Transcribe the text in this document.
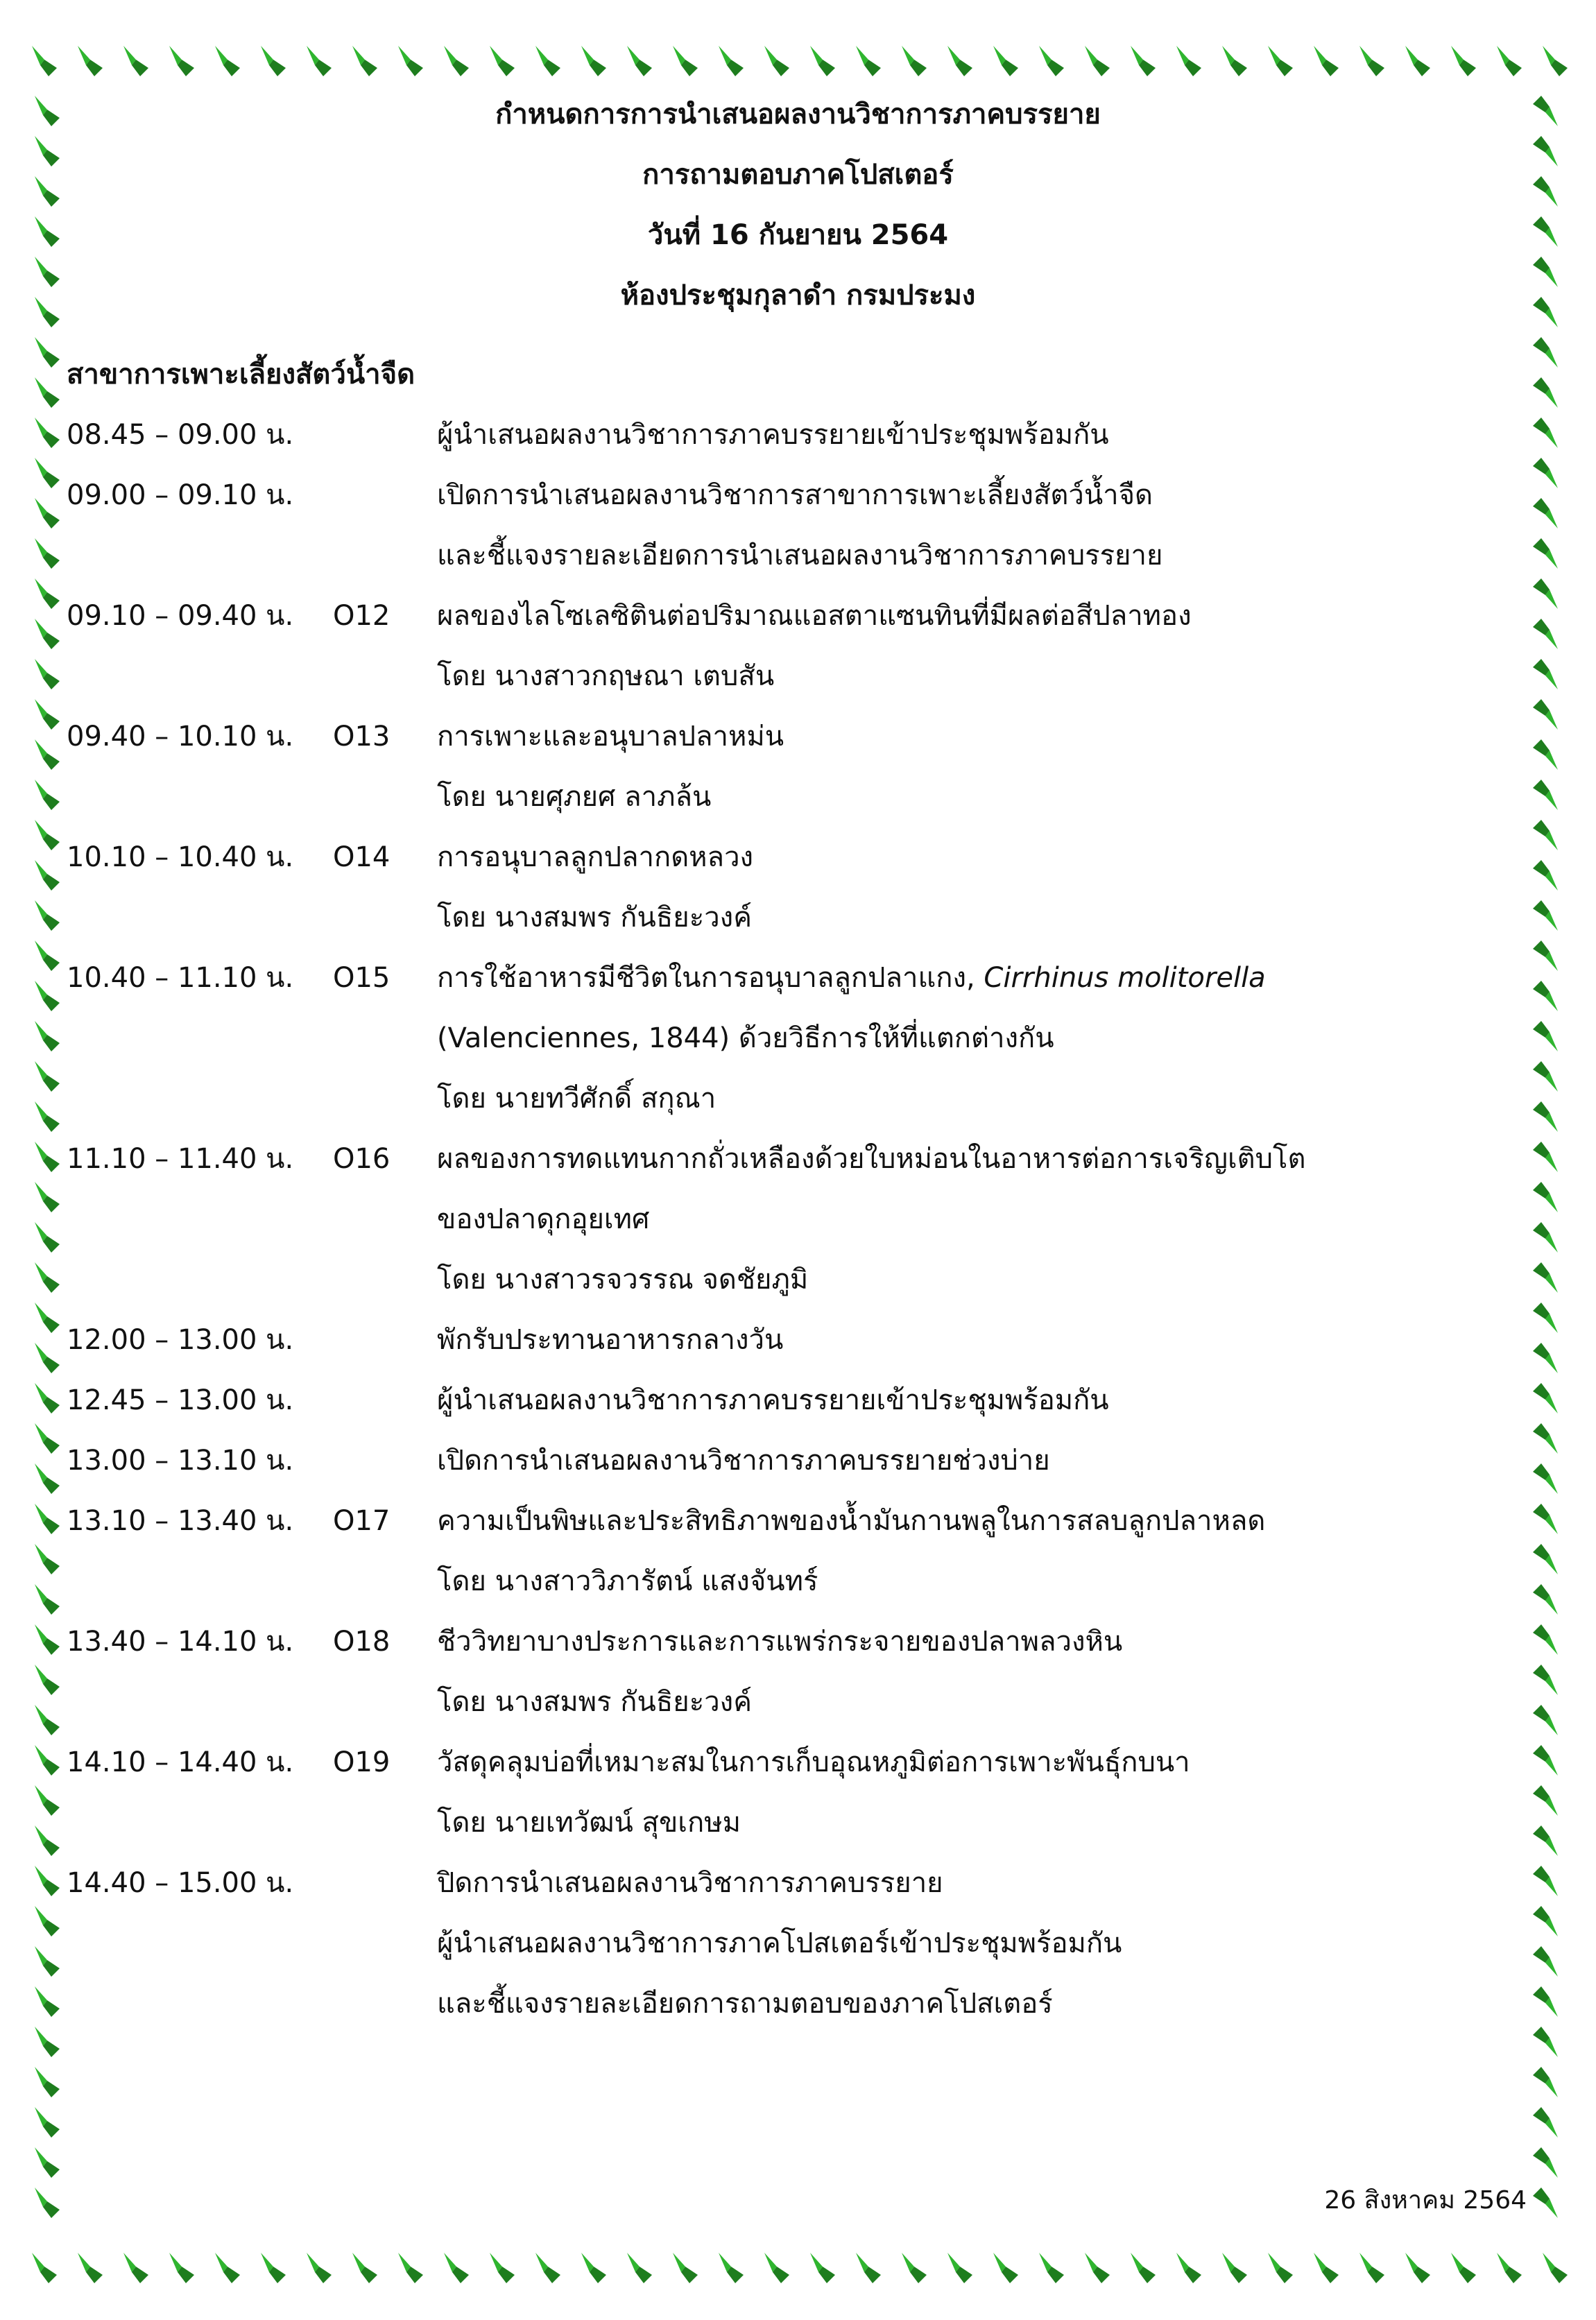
กำหนดการการนำเสนอผลงานวิชาการภาคบรรยาย
การถามตอบภาคโปสเตอร์
วันที่ 16 กันยายน 2564
ห้องประชุมกุลาดำ กรมประมง
สาขาการเพาะเลี้ยงสัตว์น้ำจืด
08.45 – 09.00 น.	ผู้นำเสนอผลงานวิชาการภาคบรรยายเข้าประชุมพร้อมกัน
09.00 – 09.10 น.	เปิดการนำเสนอผลงานวิชาการสาขาการเพาะเลี้ยงสัตว์น้ำจืด
และชี้แจงรายละเอียดการนำเสนอผลงานวิชาการภาคบรรยาย
09.10 – 09.40 น. O12 ผลของไลโซเลซิตินต่อปริมาณแอสตาแซนทินที่มีผลต่อสีปลาทอง
โดย นางสาวกฤษณา เตบสัน
09.40 – 10.10 น. O13 การเพาะและอนุบาลปลาหม่น
โดย นายศุภยศ ลาภล้น
10.10 – 10.40 น. O14 การอนุบาลลูกปลากดหลวง
โดย นางสมพร กันธิยะวงค์
10.40 – 11.10 น. O15 การใช้อาหารมีชีวิตในการอนุบาลลูกปลาแกง, Cirrhinus molitorella
(Valenciennes, 1844) ด้วยวิธีการให้ที่แตกต่างกัน
โดย นายทวีศักดิ์ สกุณา
11.10 – 11.40 น. O16 ผลของการทดแทนกากถั่วเหลืองด้วยใบหม่อนในอาหารต่อการเจริญเติบโต
ของปลาดุกอุยเทศ
โดย นางสาวรจวรรณ จดชัยภูมิ
12.00 – 13.00 น.	พักรับประทานอาหารกลางวัน
12.45 – 13.00 น.	ผู้นำเสนอผลงานวิชาการภาคบรรยายเข้าประชุมพร้อมกัน
13.00 – 13.10 น.	เปิดการนำเสนอผลงานวิชาการภาคบรรยายช่วงบ่าย
13.10 – 13.40 น. O17 ความเป็นพิษและประสิทธิภาพของน้ำมันกานพลูในการสลบลูกปลาหลด
โดย นางสาววิภารัตน์ แสงจันทร์
13.40 – 14.10 น. O18 ชีววิทยาบางประการและการแพร่กระจายของปลาพลวงหิน
โดย นางสมพร กันธิยะวงค์
14.10 – 14.40 น. O19 วัสดุคลุมบ่อที่เหมาะสมในการเก็บอุณหภูมิต่อการเพาะพันธุ์กบนา
โดย นายเทวัฒน์ สุขเกษม
14.40 – 15.00 น.	ปิดการนำเสนอผลงานวิชาการภาคบรรยาย
ผู้นำเสนอผลงานวิชาการภาคโปสเตอร์เข้าประชุมพร้อมกัน
และชี้แจงรายละเอียดการถามตอบของภาคโปสเตอร์
26 สิงหาคม 2564
